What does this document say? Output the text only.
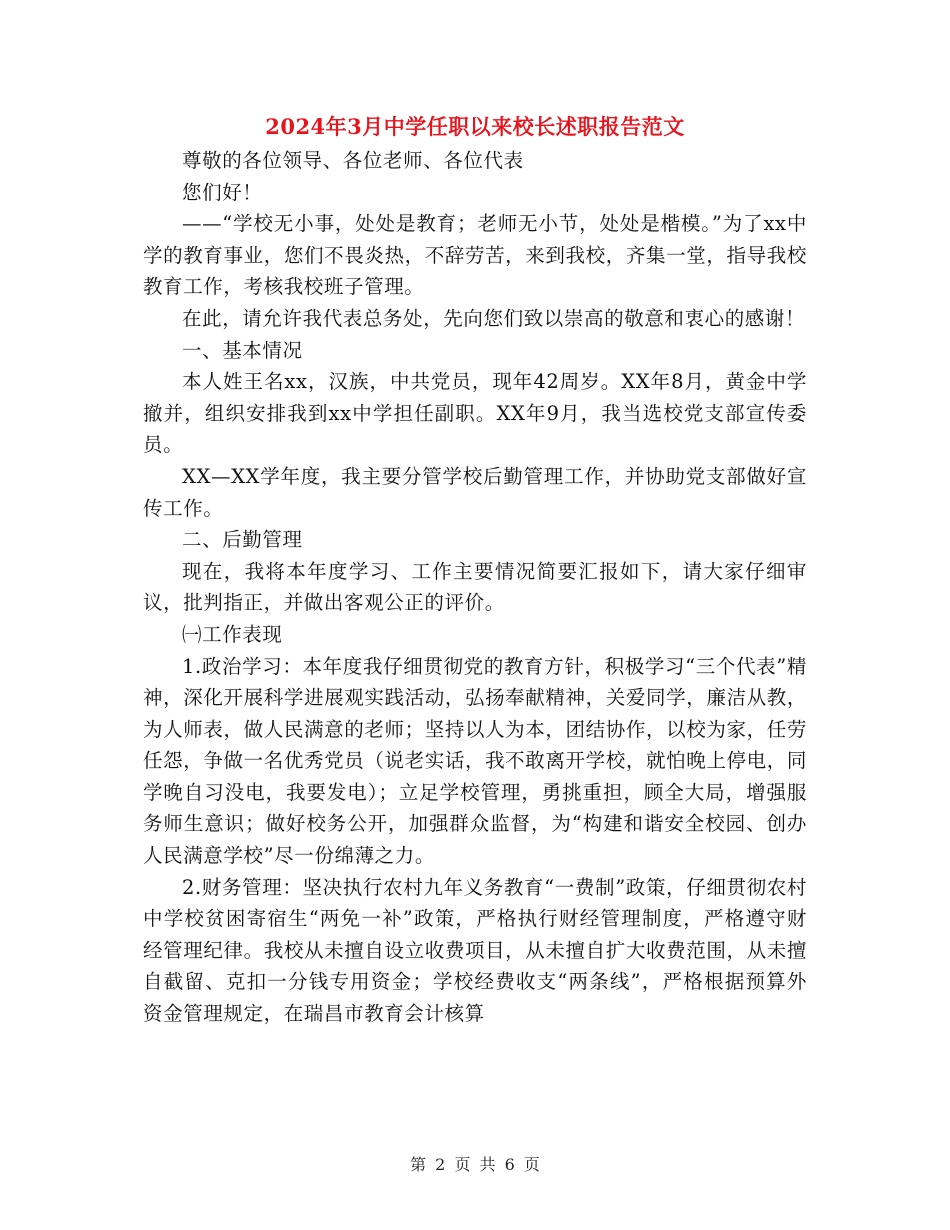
2024年3月中学任职以来校长述职报告范文

尊敬的各位领导、各位老师、各位代表

您们好！

——“学校无小事，处处是教育；老师无小节，处处是楷模。”为了xx中学的教育事业，您们不畏炎热，不辞劳苦，来到我校，齐集一堂，指导我校教育工作，考核我校班子管理。

在此，请允许我代表总务处，先向您们致以崇高的敬意和衷心的感谢！

一、基本情况

本人姓王名xx，汉族，中共党员，现年42周岁。XX年8月，黄金中学撤并，组织安排我到xx中学担任副职。XX年9月，我当选校党支部宣传委员。

XX—XX学年度，我主要分管学校后勤管理工作，并协助党支部做好宣传工作。

二、后勤管理

现在，我将本年度学习、工作主要情况简要汇报如下，请大家仔细审议，批判指正，并做出客观公正的评价。

㈠工作表现

1.政治学习：本年度我仔细贯彻党的教育方针，积极学习“三个代表”精神，深化开展科学进展观实践活动，弘扬奉献精神，关爱同学，廉洁从教，为人师表，做人民满意的老师；坚持以人为本，团结协作，以校为家，任劳任怨，争做一名优秀党员（说老实话，我不敢离开学校，就怕晚上停电，同学晚自习没电，我要发电）；立足学校管理，勇挑重担，顾全大局，增强服务师生意识；做好校务公开，加强群众监督，为“构建和谐安全校园、创办人民满意学校”尽一份绵薄之力。

2.财务管理：坚决执行农村九年义务教育“一费制”政策，仔细贯彻农村中学校贫困寄宿生“两免一补”政策，严格执行财经管理制度，严格遵守财经管理纪律。我校从未擅自设立收费项目，从未擅自扩大收费范围，从未擅自截留、克扣一分钱专用资金；学校经费收支“两条线”，严格根据预算外资金管理规定，在瑞昌市教育会计核算

第 2 页 共 6 页
